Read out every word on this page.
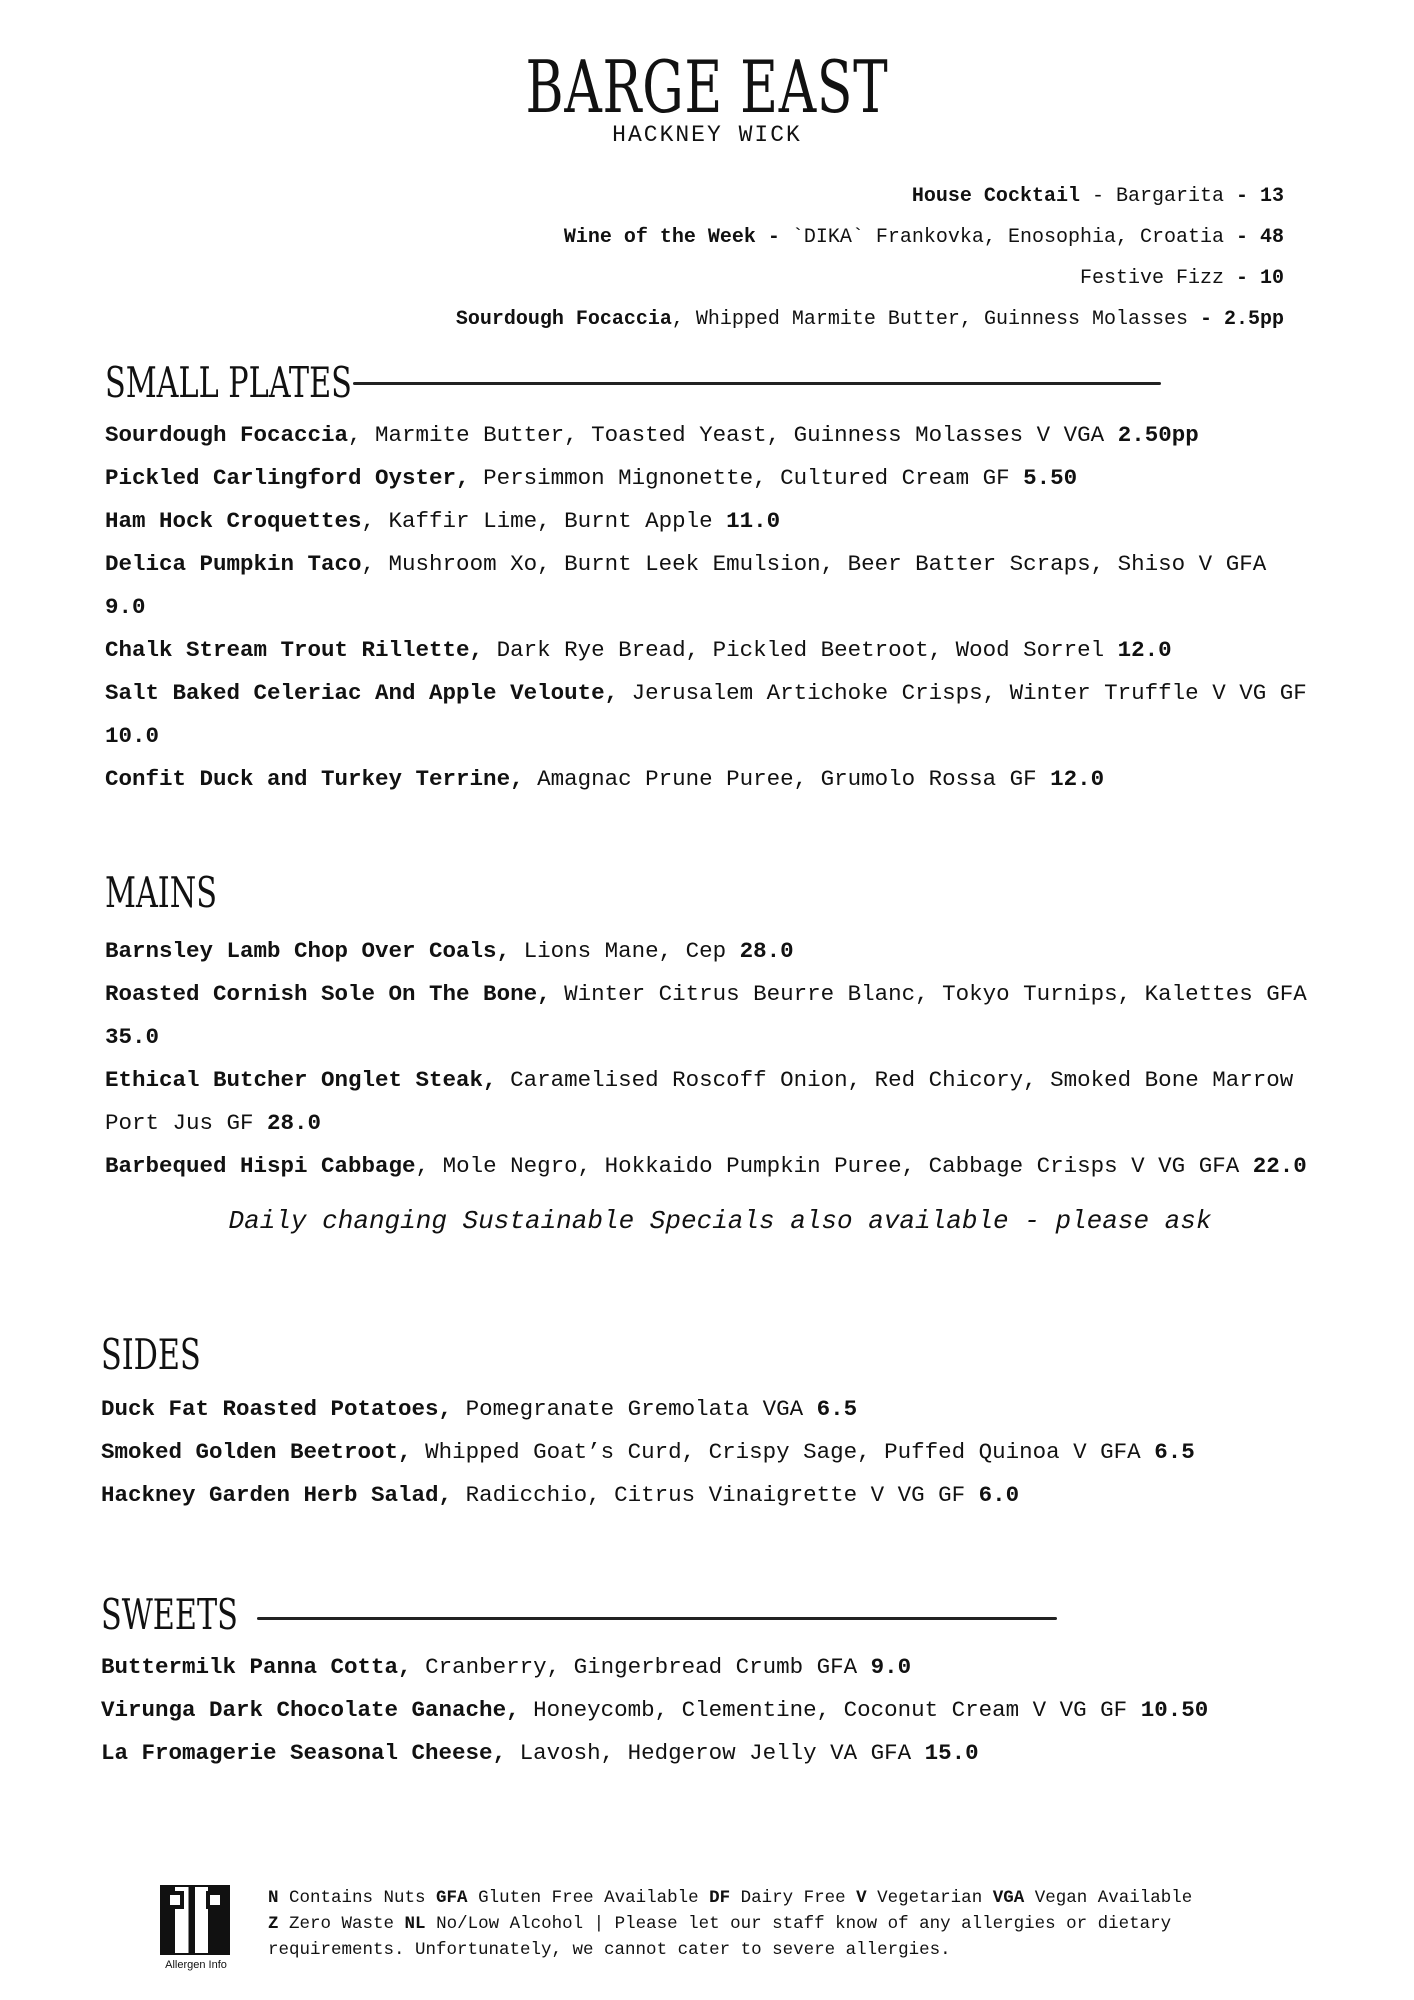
BARGE EAST
HACKNEY WICK
House Cocktail - Bargarita - 13
Wine of the Week - `DIKA` Frankovka, Enosophia, Croatia - 48
Festive Fizz - 10
Sourdough Focaccia, Whipped Marmite Butter, Guinness Molasses - 2.5pp
SMALL PLATES
Sourdough Focaccia, Marmite Butter, Toasted Yeast, Guinness Molasses V VGA 2.50pp
Pickled Carlingford Oyster, Persimmon Mignonette, Cultured Cream GF 5.50
Ham Hock Croquettes, Kaffir Lime, Burnt Apple 11.0
Delica Pumpkin Taco, Mushroom Xo, Burnt Leek Emulsion, Beer Batter Scraps, Shiso V GFA 9.0
Chalk Stream Trout Rillette, Dark Rye Bread, Pickled Beetroot, Wood Sorrel 12.0
Salt Baked Celeriac And Apple Veloute, Jerusalem Artichoke Crisps, Winter Truffle V VG GF 10.0
Confit Duck and Turkey Terrine, Amagnac Prune Puree, Grumolo Rossa GF 12.0
MAINS
Barnsley Lamb Chop Over Coals, Lions Mane, Cep 28.0
Roasted Cornish Sole On The Bone, Winter Citrus Beurre Blanc, Tokyo Turnips, Kalettes GFA 35.0
Ethical Butcher Onglet Steak, Caramelised Roscoff Onion, Red Chicory, Smoked Bone Marrow Port Jus GF 28.0
Barbequed Hispi Cabbage, Mole Negro, Hokkaido Pumpkin Puree, Cabbage Crisps V VG GFA 22.0
Daily changing Sustainable Specials also available - please ask
SIDES
Duck Fat Roasted Potatoes, Pomegranate Gremolata VGA 6.5
Smoked Golden Beetroot, Whipped Goat’s Curd, Crispy Sage, Puffed Quinoa V GFA 6.5
Hackney Garden Herb Salad, Radicchio, Citrus Vinaigrette V VG GF 6.0
SWEETS
Buttermilk Panna Cotta, Cranberry, Gingerbread Crumb GFA 9.0
Virunga Dark Chocolate Ganache, Honeycomb, Clementine, Coconut Cream V VG GF 10.50
La Fromagerie Seasonal Cheese, Lavosh, Hedgerow Jelly VA GFA 15.0
Allergen Info
N Contains Nuts GFA Gluten Free Available DF Dairy Free V Vegetarian VGA Vegan Available
Z Zero Waste NL No/Low Alcohol | Please let our staff know of any allergies or dietary requirements. Unfortunately, we cannot cater to severe allergies.
